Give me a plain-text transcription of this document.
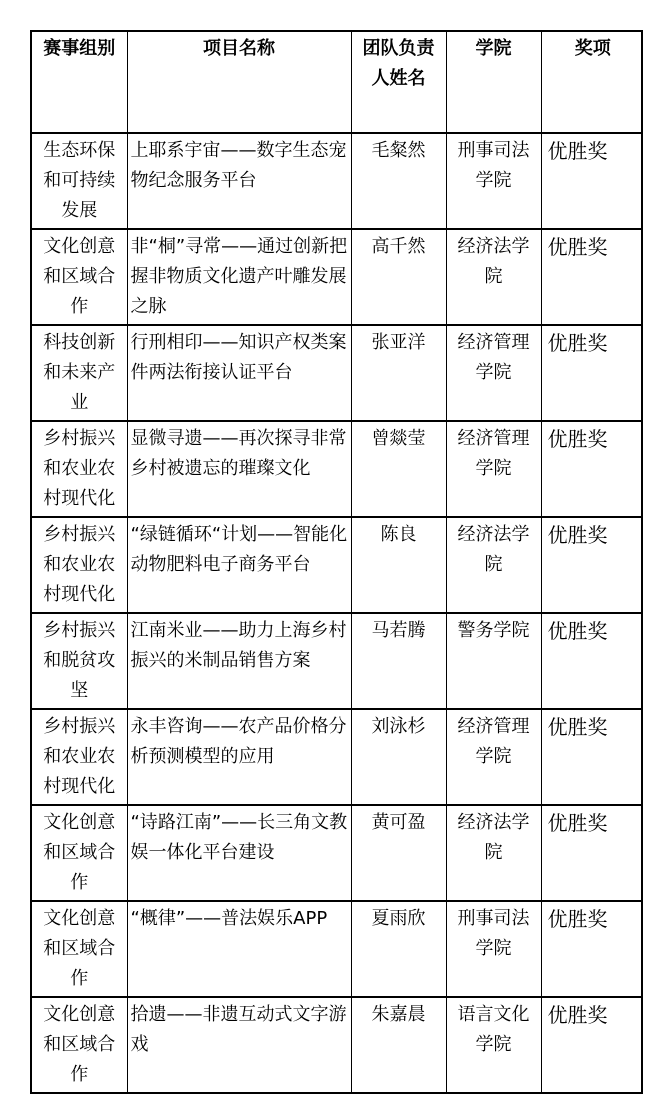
赛事组别	项目名称	团队负责人姓名	学院	奖项
生态环保和可持续发展	上耶系宇宙——数字生态宠物纪念服务平台	毛粲然	刑事司法学院	优胜奖
文化创意和区域合作	非“桐”寻常——通过创新把握非物质文化遗产叶雕发展之脉	高千然	经济法学院	优胜奖
科技创新和未来产业	行刑相印——知识产权类案件两法衔接认证平台	张亚洋	经济管理学院	优胜奖
乡村振兴和农业农村现代化	显微寻遗——再次探寻非常乡村被遗忘的璀璨文化	曾燚莹	经济管理学院	优胜奖
乡村振兴和农业农村现代化	“绿链循环“计划——智能化动物肥料电子商务平台	陈良	经济法学院	优胜奖
乡村振兴和脱贫攻坚	江南米业——助力上海乡村振兴的米制品销售方案	马若腾	警务学院	优胜奖
乡村振兴和农业农村现代化	永丰咨询——农产品价格分析预测模型的应用	刘泳杉	经济管理学院	优胜奖
文化创意和区域合作	“诗路江南”——长三角文教娱一体化平台建设	黄可盈	经济法学院	优胜奖
文化创意和区域合作	“概律”——普法娱乐APP	夏雨欣	刑事司法学院	优胜奖
文化创意和区域合作	拾遗——非遗互动式文字游戏	朱嘉晨	语言文化学院	优胜奖
